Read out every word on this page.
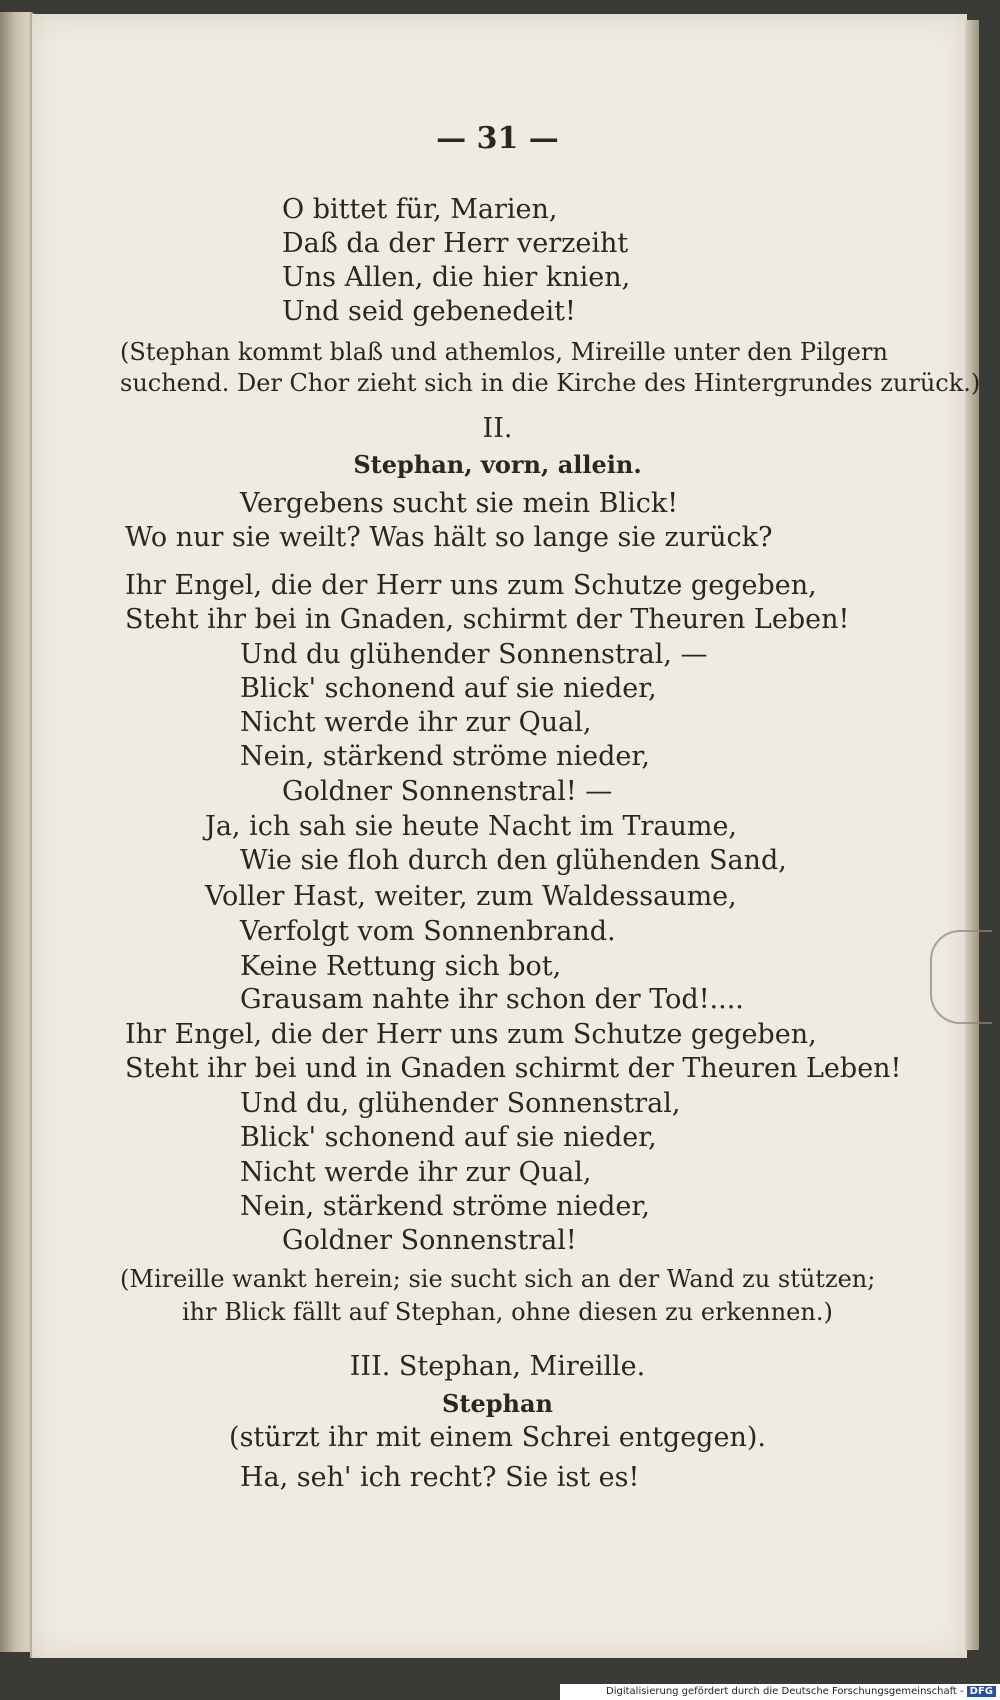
— 31 —
O bittet für, Marien,
Daß da der Herr verzeiht
Uns Allen, die hier knien,
Und seid gebenedeit!
(Stephan kommt blaß und athemlos, Mireille unter den Pilgern
suchend. Der Chor zieht sich in die Kirche des Hintergrundes zurück.)
II.
Stephan, vorn, allein.
Vergebens sucht sie mein Blick!
Wo nur sie weilt? Was hält so lange sie zurück?
Ihr Engel, die der Herr uns zum Schutze gegeben,
Steht ihr bei in Gnaden, schirmt der Theuren Leben!
Und du glühender Sonnenstral, —
Blick' schonend auf sie nieder,
Nicht werde ihr zur Qual,
Nein, stärkend ströme nieder,
Goldner Sonnenstral! —
Ja, ich sah sie heute Nacht im Traume,
Wie sie floh durch den glühenden Sand,
Voller Hast, weiter, zum Waldessaume,
Verfolgt vom Sonnenbrand.
Keine Rettung sich bot,
Grausam nahte ihr schon der Tod!....
Ihr Engel, die der Herr uns zum Schutze gegeben,
Steht ihr bei und in Gnaden schirmt der Theuren Leben!
Und du, glühender Sonnenstral,
Blick' schonend auf sie nieder,
Nicht werde ihr zur Qual,
Nein, stärkend ströme nieder,
Goldner Sonnenstral!
(Mireille wankt herein; sie sucht sich an der Wand zu stützen;
ihr Blick fällt auf Stephan, ohne diesen zu erkennen.)
III. Stephan, Mireille.
Stephan
(stürzt ihr mit einem Schrei entgegen).
Ha, seh' ich recht? Sie ist es!
Digitalisierung gefördert durch die Deutsche Forschungsgemeinschaft - DFG
